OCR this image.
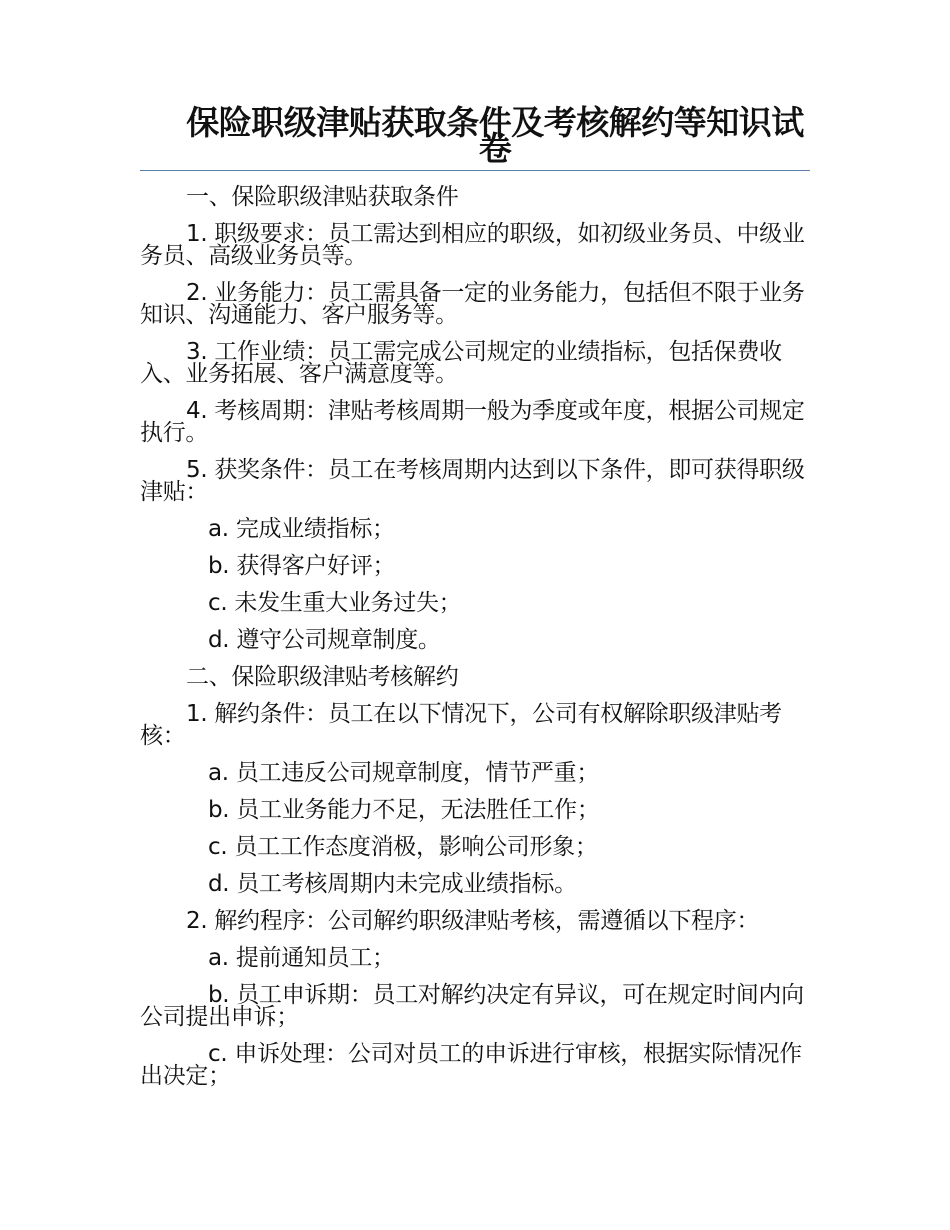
保险职级津贴获取条件及考核解约等知识试卷

一、保险职级津贴获取条件

1. 职级要求：员工需达到相应的职级，如初级业务员、中级业务员、高级业务员等。

2. 业务能力：员工需具备一定的业务能力，包括但不限于业务知识、沟通能力、客户服务等。

3. 工作业绩：员工需完成公司规定的业绩指标，包括保费收入、业务拓展、客户满意度等。

4. 考核周期：津贴考核周期一般为季度或年度，根据公司规定执行。

5. 获奖条件：员工在考核周期内达到以下条件，即可获得职级津贴：

a. 完成业绩指标；

b. 获得客户好评；

c. 未发生重大业务过失；

d. 遵守公司规章制度。

二、保险职级津贴考核解约

1. 解约条件：员工在以下情况下，公司有权解除职级津贴考核：

a. 员工违反公司规章制度，情节严重；

b. 员工业务能力不足，无法胜任工作；

c. 员工工作态度消极，影响公司形象；

d. 员工考核周期内未完成业绩指标。

2. 解约程序：公司解约职级津贴考核，需遵循以下程序：

a. 提前通知员工；

b. 员工申诉期：员工对解约决定有异议，可在规定时间内向公司提出申诉；

c. 申诉处理：公司对员工的申诉进行审核，根据实际情况作出决定；
